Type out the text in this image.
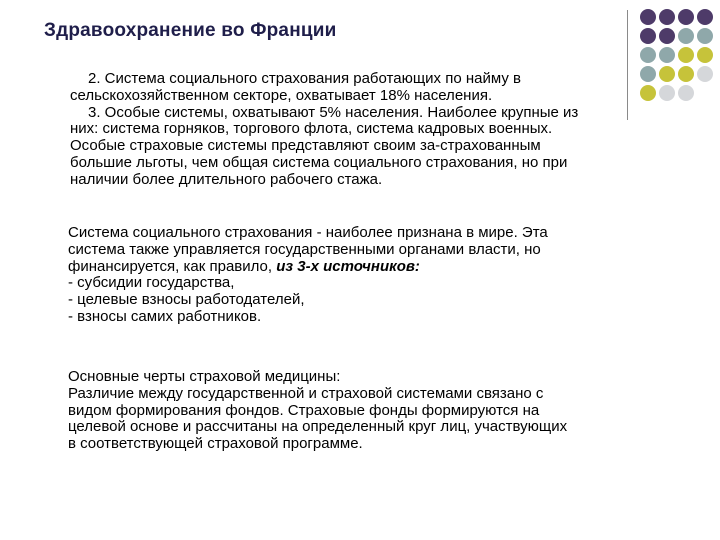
Здравоохранение во Франции
2. Система социального страхования работающих по найму в
сельскохозяйственном секторе, охватывает 18% населения.
3. Особые системы, охватывают 5% населения. Наиболее крупные из
них: система горняков, торгового флота, система кадровых военных.
Особые страховые системы представляют своим за-страхованным
большие льготы, чем общая система социального страхования, но при
наличии более длительного рабочего стажа.
Система социального страхования - наиболее признана в мире. Эта
система также управляется государственными органами власти, но
финансируется, как правило, из 3-х источников:
- субсидии государства,
- целевые взносы работодателей,
- взносы самих работников.
Основные черты страховой медицины:
Различие между государственной и страховой системами связано с
видом формирования фондов. Страховые фонды формируются на
целевой основе и рассчитаны на определенный круг лиц, участвующих
в соответствующей страховой программе.
